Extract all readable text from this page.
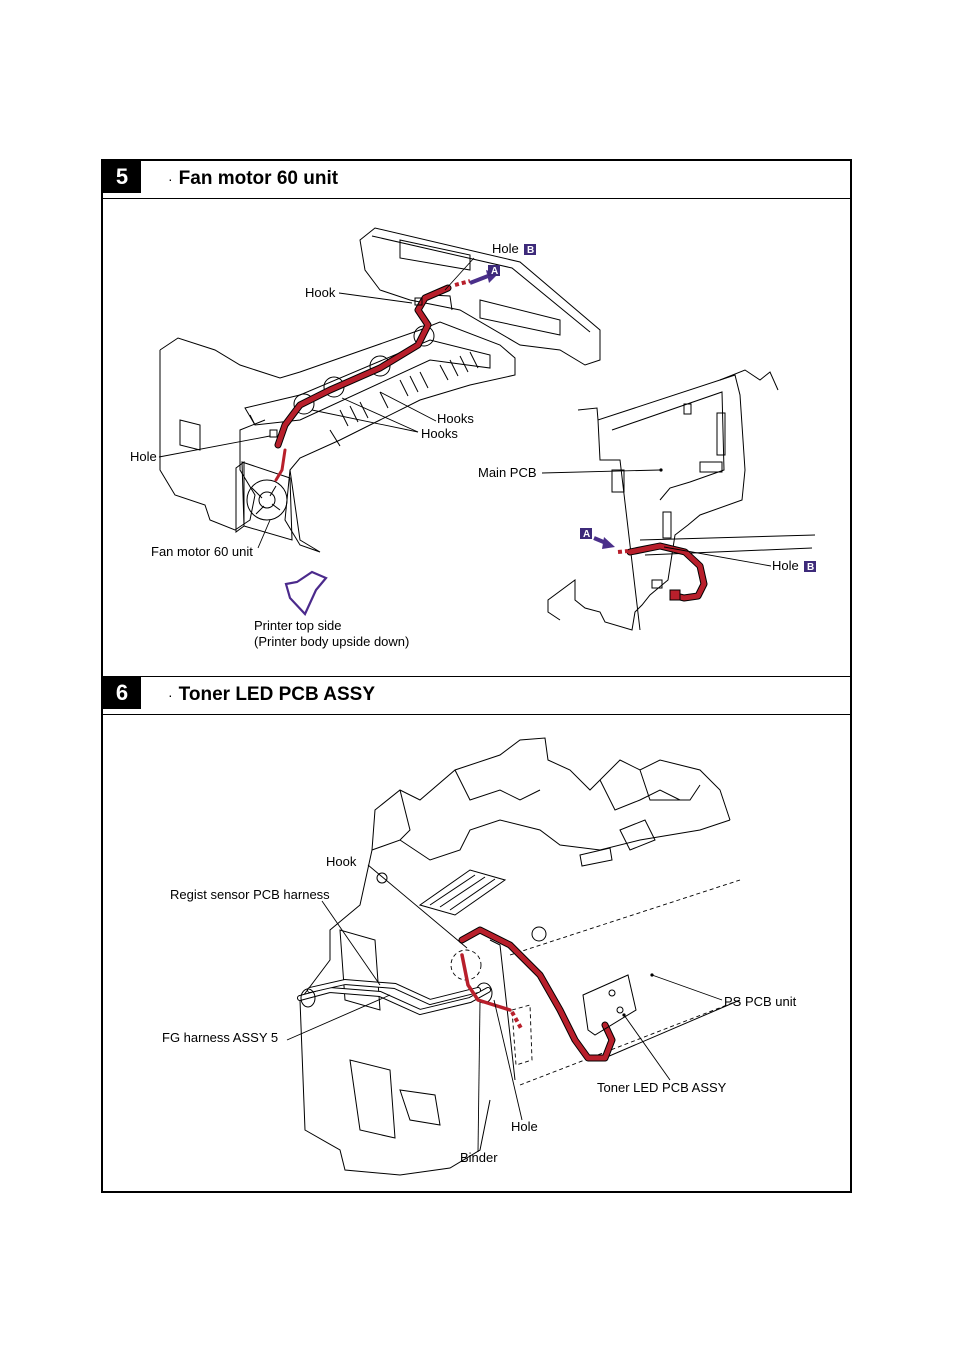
5	· Fan motor 60 unit
6	· Toner LED PCB ASSY
B
A
A
B
Hole
Hook
Hooks
Hooks
Hole
Main PCB
Hole
Fan motor 60 unit
Printer top side
(Printer body upside down)
Hook
Regist sensor PCB harness
FG harness ASSY 5
PS PCB unit
Toner LED PCB ASSY
Hole
Binder
